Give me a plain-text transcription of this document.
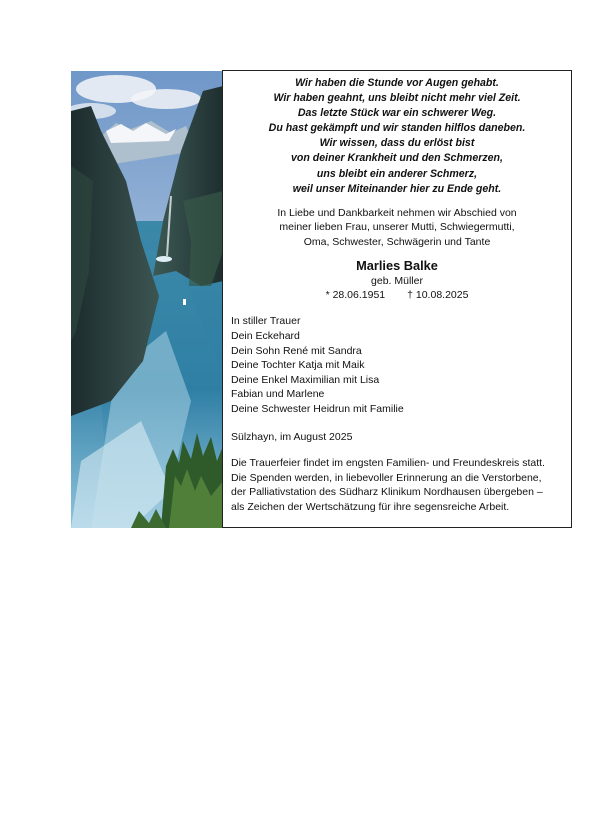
Wir haben die Stunde vor Augen gehabt.
Wir haben geahnt, uns bleibt nicht mehr viel Zeit.
Das letzte Stück war ein schwerer Weg.
Du hast gekämpft und wir standen hilflos daneben.
Wir wissen, dass du erlöst bist
von deiner Krankheit und den Schmerzen,
uns bleibt ein anderer Schmerz,
weil unser Miteinander hier zu Ende geht.
In Liebe und Dankbarkeit nehmen wir Abschied von
meiner lieben Frau, unserer Mutti, Schwiegermutti,
Oma, Schwester, Schwägerin und Tante
Marlies Balke
geb. Müller
* 28.06.1951 † 10.08.2025
In stiller Trauer
Dein Eckehard
Dein Sohn René mit Sandra
Deine Tochter Katja mit Maik
Deine Enkel Maximilian mit Lisa
Fabian und Marlene
Deine Schwester Heidrun mit Familie
Sülzhayn, im August 2025
Die Trauerfeier findet im engsten Familien- und Freundeskreis statt.
Die Spenden werden, in liebevoller Erinnerung an die Verstorbene,
der Palliativstation des Südharz Klinikum Nordhausen übergeben –
als Zeichen der Wertschätzung für ihre segensreiche Arbeit.
